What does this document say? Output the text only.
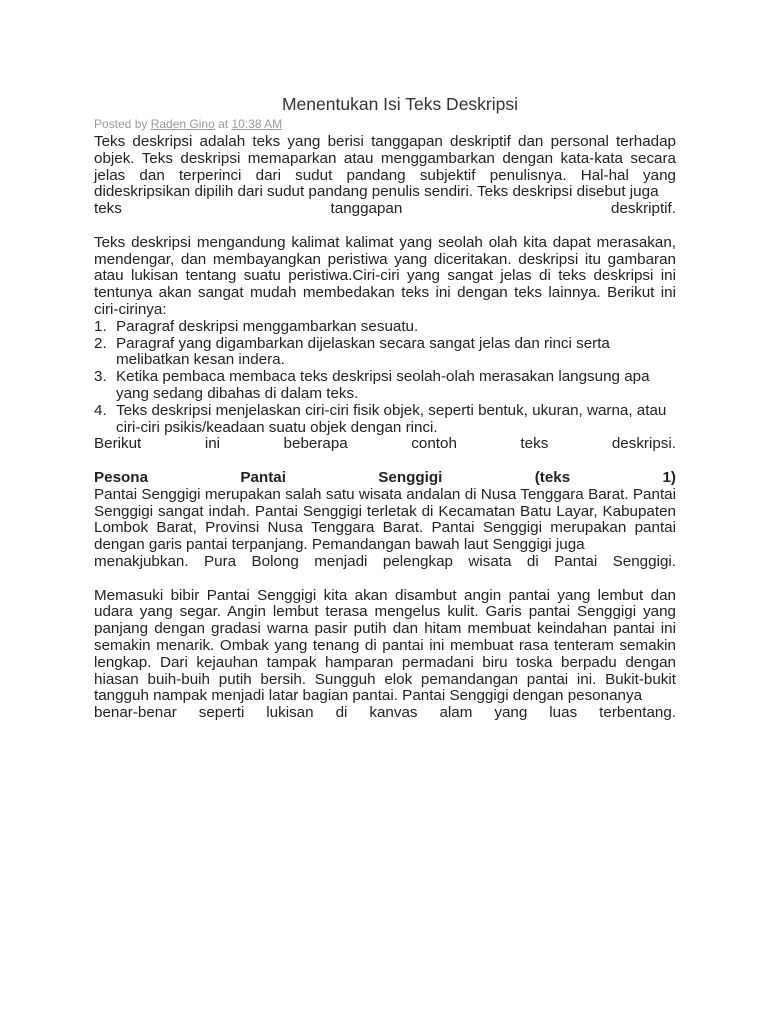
Menentukan Isi Teks Deskripsi

Posted by Raden Gino at 10:38 AM

Teks deskripsi adalah teks yang berisi tanggapan deskriptif dan personal terhadap objek. Teks deskripsi memaparkan atau menggambarkan dengan kata-kata secara jelas dan terperinci dari sudut pandang subjektif penulisnya. Hal-hal yang dideskripsikan dipilih dari sudut pandang penulis sendiri. Teks deskripsi disebut juga
teks tanggapan deskriptif.
Teks deskripsi mengandung kalimat kalimat yang seolah olah kita dapat merasakan, mendengar, dan membayangkan peristiwa yang diceritakan. deskripsi itu gambaran atau lukisan tentang suatu peristiwa.Ciri-ciri yang sangat jelas di teks deskripsi ini tentunya akan sangat mudah membedakan teks ini dengan teks lainnya. Berikut ini ciri-cirinya:
1. Paragraf deskripsi menggambarkan sesuatu.
2. Paragraf yang digambarkan dijelaskan secara sangat jelas dan rinci serta melibatkan kesan indera.
3. Ketika pembaca membaca teks deskripsi seolah-olah merasakan langsung apa yang sedang dibahas di dalam teks.
4. Teks deskripsi menjelaskan ciri-ciri fisik objek, seperti bentuk, ukuran, warna, atau ciri-ciri psikis/keadaan suatu objek dengan rinci.
Berikut ini beberapa contoh teks deskripsi.
Pesona Pantai Senggigi (teks 1)
Pantai Senggigi merupakan salah satu wisata andalan di Nusa Tenggara Barat. Pantai Senggigi sangat indah. Pantai Senggigi terletak di Kecamatan Batu Layar, Kabupaten Lombok Barat, Provinsi Nusa Tenggara Barat. Pantai Senggigi merupakan pantai dengan garis pantai terpanjang. Pemandangan bawah laut Senggigi juga
menakjubkan. Pura Bolong menjadi pelengkap wisata di Pantai Senggigi.
Memasuki bibir Pantai Senggigi kita akan disambut angin pantai yang lembut dan udara yang segar. Angin lembut terasa mengelus kulit. Garis pantai Senggigi yang panjang dengan gradasi warna pasir putih dan hitam membuat keindahan pantai ini semakin menarik. Ombak yang tenang di pantai ini membuat rasa tenteram semakin lengkap. Dari kejauhan tampak hamparan permadani biru toska berpadu dengan hiasan buih-buih putih bersih. Sungguh elok pemandangan pantai ini. Bukit-bukit tangguh nampak menjadi latar bagian pantai. Pantai Senggigi dengan pesonanya
benar-benar seperti lukisan di kanvas alam yang luas terbentang.
